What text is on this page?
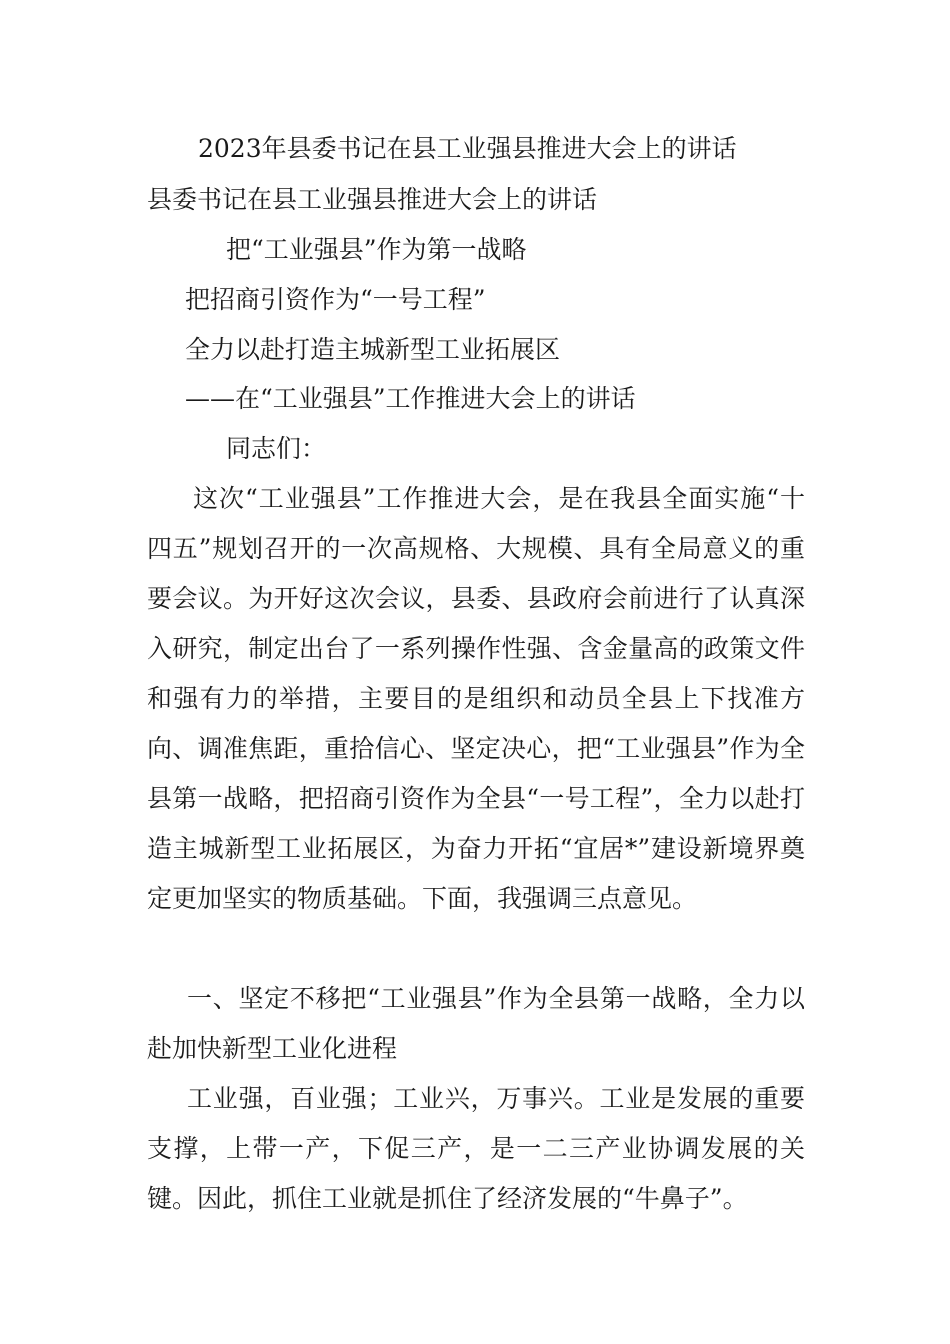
2023年县委书记在县工业强县推进大会上的讲话
县委书记在县工业强县推进大会上的讲话
把“工业强县”作为第一战略
把招商引资作为“一号工程”
全力以赴打造主城新型工业拓展区
——在“工业强县”工作推进大会上的讲话
同志们：
这次“工业强县”工作推进大会，是在我县全面实施“十四五”规划召开的一次高规格、大规模、具有全局意义的重要会议。为开好这次会议，县委、县政府会前进行了认真深入研究，制定出台了一系列操作性强、含金量高的政策文件和强有力的举措，主要目的是组织和动员全县上下找准方向、调准焦距，重拾信心、坚定决心，把“工业强县”作为全县第一战略，把招商引资作为全县“一号工程”，全力以赴打造主城新型工业拓展区，为奋力开拓“宜居*”建设新境界奠定更加坚实的物质基础。下面，我强调三点意见。
一、坚定不移把“工业强县”作为全县第一战略，全力以赴加快新型工业化进程
工业强，百业强；工业兴，万事兴。工业是发展的重要支撑，上带一产，下促三产，是一二三产业协调发展的关键。因此，抓住工业就是抓住了经济发展的“牛鼻子”。
